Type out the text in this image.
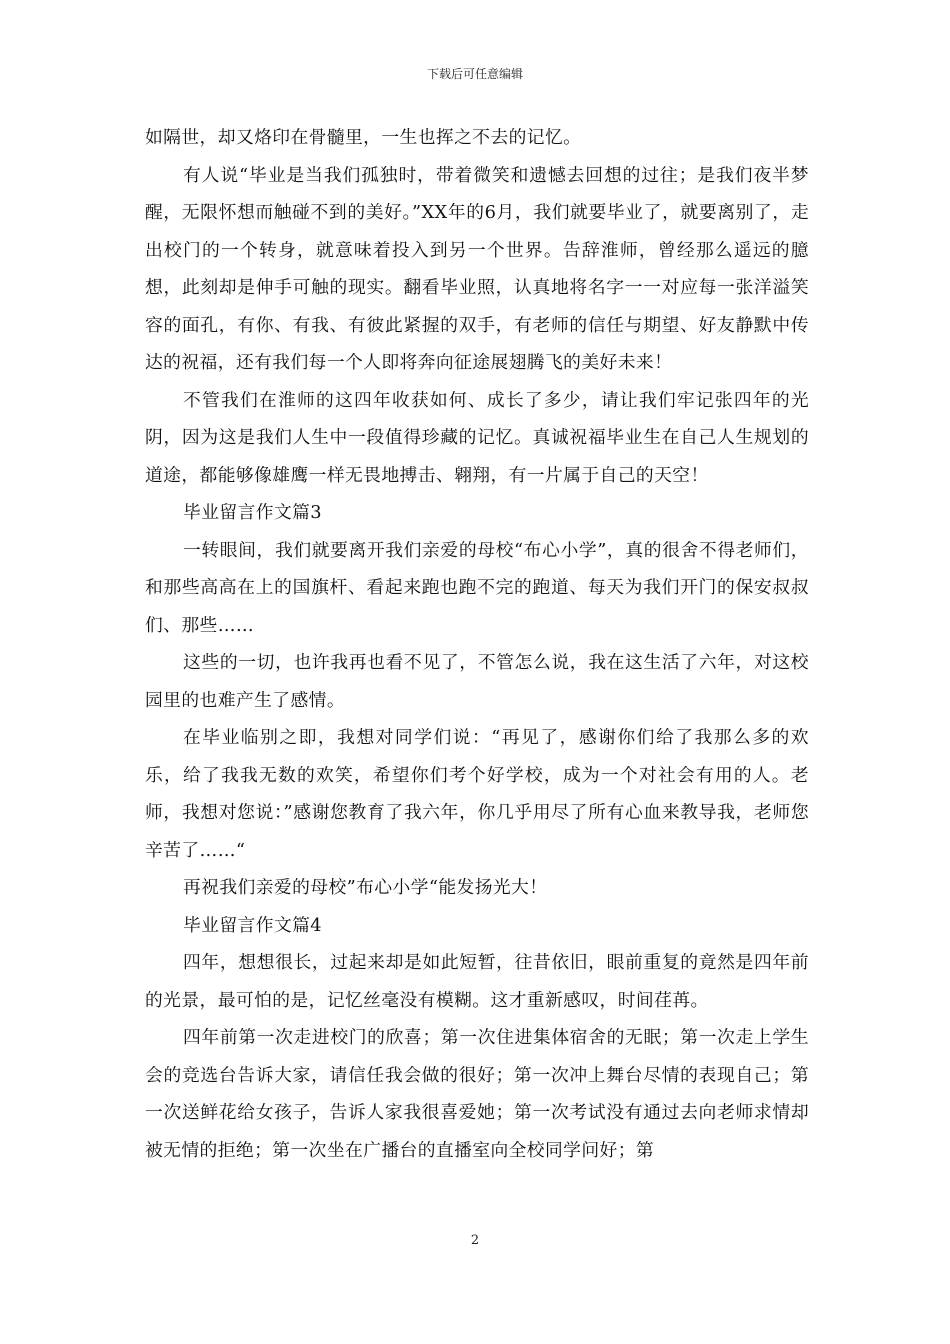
下载后可任意编辑

如隔世，却又烙印在骨髓里，一生也挥之不去的记忆。

有人说“毕业是当我们孤独时，带着微笑和遗憾去回想的过往；是我们夜半梦醒，无限怀想而触碰不到的美好。”XX年的6月，我们就要毕业了，就要离别了，走出校门的一个转身，就意味着投入到另一个世界。告辞淮师，曾经那么遥远的臆想，此刻却是伸手可触的现实。翻看毕业照，认真地将名字一一对应每一张洋溢笑容的面孔，有你、有我、有彼此紧握的双手，有老师的信任与期望、好友静默中传达的祝福，还有我们每一个人即将奔向征途展翅腾飞的美好未来！

不管我们在淮师的这四年收获如何、成长了多少，请让我们牢记张四年的光阴，因为这是我们人生中一段值得珍藏的记忆。真诚祝福毕业生在自己人生规划的道途，都能够像雄鹰一样无畏地搏击、翱翔，有一片属于自己的天空！

毕业留言作文篇3

一转眼间，我们就要离开我们亲爱的母校“布心小学”，真的很舍不得老师们，和那些高高在上的国旗杆、看起来跑也跑不完的跑道、每天为我们开门的保安叔叔们、那些……

这些的一切，也许我再也看不见了，不管怎么说，我在这生活了六年，对这校园里的也难产生了感情。

在毕业临别之即，我想对同学们说：“再见了，感谢你们给了我那么多的欢乐，给了我我无数的欢笑，希望你们考个好学校，成为一个对社会有用的人。老师，我想对您说：”感谢您教育了我六年，你几乎用尽了所有心血来教导我，老师您辛苦了……“

再祝我们亲爱的母校”布心小学“能发扬光大！

毕业留言作文篇4

四年，想想很长，过起来却是如此短暂，往昔依旧，眼前重复的竟然是四年前的光景，最可怕的是，记忆丝毫没有模糊。这才重新感叹，时间荏苒。

四年前第一次走进校门的欣喜；第一次住进集体宿舍的无眠；第一次走上学生会的竞选台告诉大家，请信任我会做的很好；第一次冲上舞台尽情的表现自己；第一次送鲜花给女孩子，告诉人家我很喜爱她；第一次考试没有通过去向老师求情却被无情的拒绝；第一次坐在广播台的直播室向全校同学问好；第

2
